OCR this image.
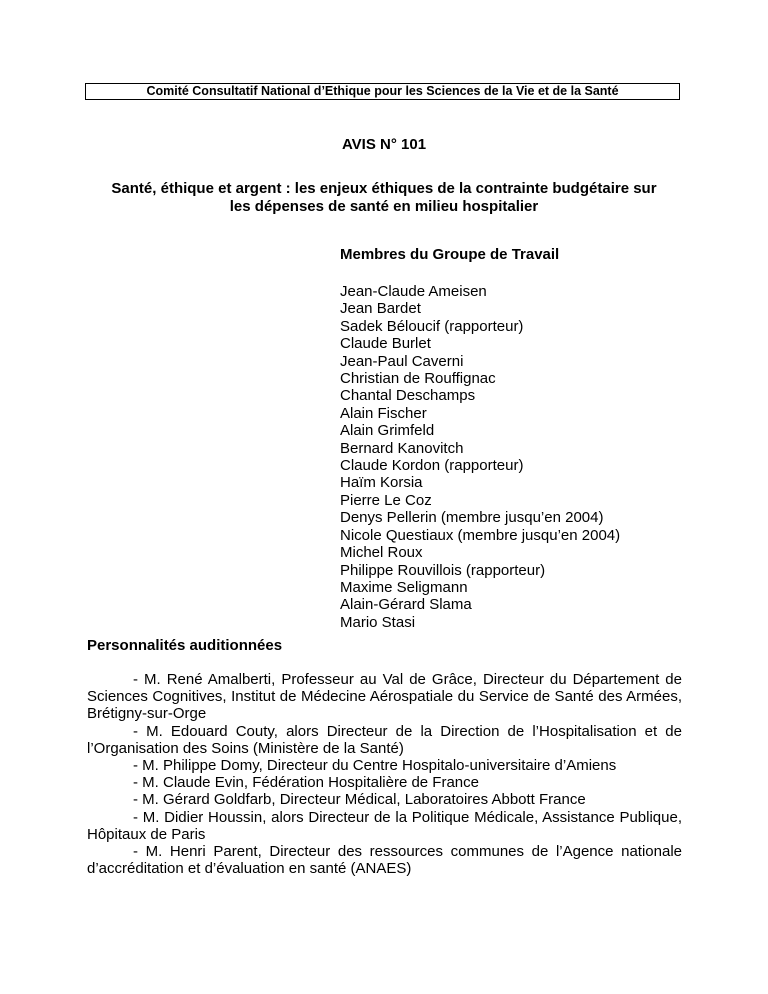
Comité Consultatif National d’Ethique pour les Sciences de la Vie et de la Santé
AVIS N° 101
Santé, éthique et argent : les enjeux éthiques de la contrainte budgétaire sur
les dépenses de santé en milieu hospitalier
Membres du Groupe de Travail
Jean-Claude Ameisen
Jean Bardet
Sadek Béloucif (rapporteur)
Claude Burlet
Jean-Paul Caverni
Christian de Rouffignac
Chantal Deschamps
Alain Fischer
Alain Grimfeld
Bernard Kanovitch
Claude Kordon (rapporteur)
Haïm Korsia
Pierre Le Coz
Denys Pellerin (membre jusqu’en 2004)
Nicole Questiaux (membre jusqu’en 2004)
Michel Roux
Philippe Rouvillois (rapporteur)
Maxime Seligmann
Alain-Gérard Slama
Mario Stasi
Personnalités auditionnées

- M. René Amalberti, Professeur au Val de Grâce, Directeur du Département de Sciences Cognitives, Institut de Médecine Aérospatiale du Service de Santé des Armées, Brétigny-sur-Orge

- M. Edouard Couty, alors Directeur de la Direction de l’Hospitalisation et de l’Organisation des Soins (Ministère de la Santé)

- M. Philippe Domy, Directeur du Centre Hospitalo-universitaire d’Amiens

- M. Claude Evin, Fédération Hospitalière de France

- M. Gérard Goldfarb, Directeur Médical, Laboratoires Abbott France

- M. Didier Houssin, alors Directeur de la Politique Médicale, Assistance Publique, Hôpitaux de Paris

- M. Henri Parent, Directeur des ressources communes de l’Agence nationale d’accréditation et d’évaluation en santé (ANAES)
